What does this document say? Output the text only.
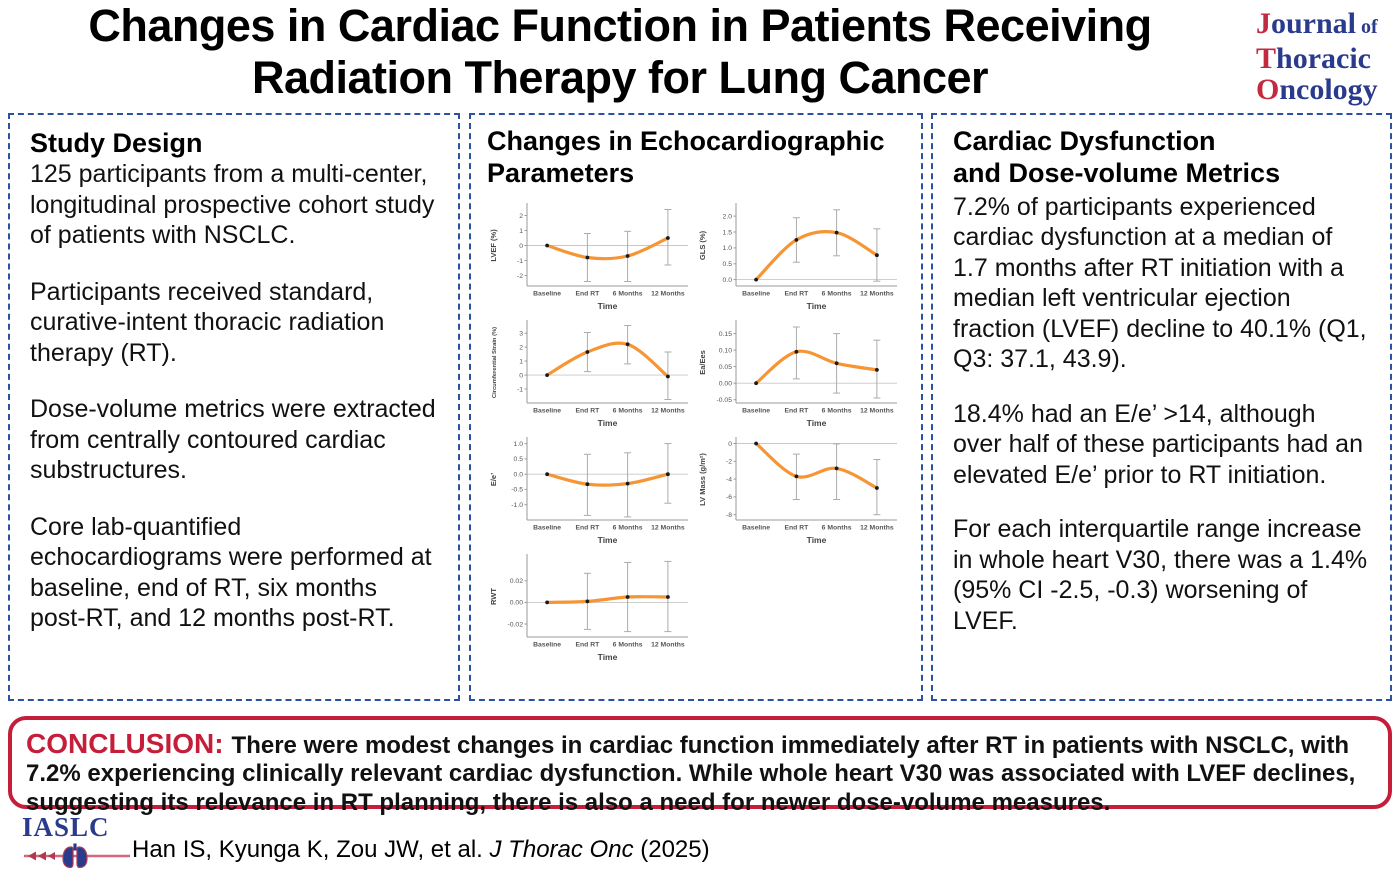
Changes in Cardiac Function in Patients Receiving
Radiation Therapy for Lung Cancer
Journal of
Thoracic
Oncology
Study Design

125 participants from a multi-center, longitudinal prospective cohort study of patients with NSCLC.

Participants received standard, curative-intent thoracic radiation therapy (RT).

Dose-volume metrics were extracted from centrally contoured cardiac substructures.

Core lab-quantified echocardiograms were performed at baseline, end of RT, six months post-RT, and 12 months post-RT.

Changes in Echocardiographic Parameters
2
1
0
-1
-2
Baseline End RT 6 Months 12 Months
Time
LVEF (%)
2.0
1.5
1.0
0.5
0.0
Baseline End RT 6 Months 12 Months
Time
GLS (%)
3
2
1
0
-1
Baseline End RT 6 Months 12 Months
Time
Circumferential Strain (%)	0.15
0.10
0.05
0.00
-0.05
Baseline End RT 6 Months 12 Months
Time
Ea/Ees
1.0
0.5
0.0
-0.5
-1.0
Baseline End RT 6 Months 12 Months
Time
E/e’
0
-2
-4
-6
-8
Baseline End RT 6 Months 12 Months
Time
LV Mass (g/m²)
0.02
0.00
-0.02
Baseline End RT 6 Months 12 Months
Time
RWT
Cardiac Dysfunction
and Dose-volume Metrics

7.2% of participants experienced cardiac dysfunction at a median of 1.7 months after RT initiation with a median left ventricular ejection fraction (LVEF) decline to 40.1% (Q1, Q3: 37.1, 43.9).

18.4% had an E/e’ >14, although over half of these participants had an elevated E/e’ prior to RT initiation.

For each interquartile range increase in whole heart V30, there was a 1.4% (95% CI -2.5, -0.3) worsening of LVEF.

CONCLUSION: There were modest changes in cardiac function immediately after RT in patients with NSCLC, with 7.2% experiencing clinically relevant cardiac dysfunction. While whole heart V30 was associated with LVEF declines, suggesting its relevance in RT planning, there is also a need for newer dose-volume measures.

IASLC
Han IS, Kyunga K, Zou JW, et al. J Thorac Onc (2025)
